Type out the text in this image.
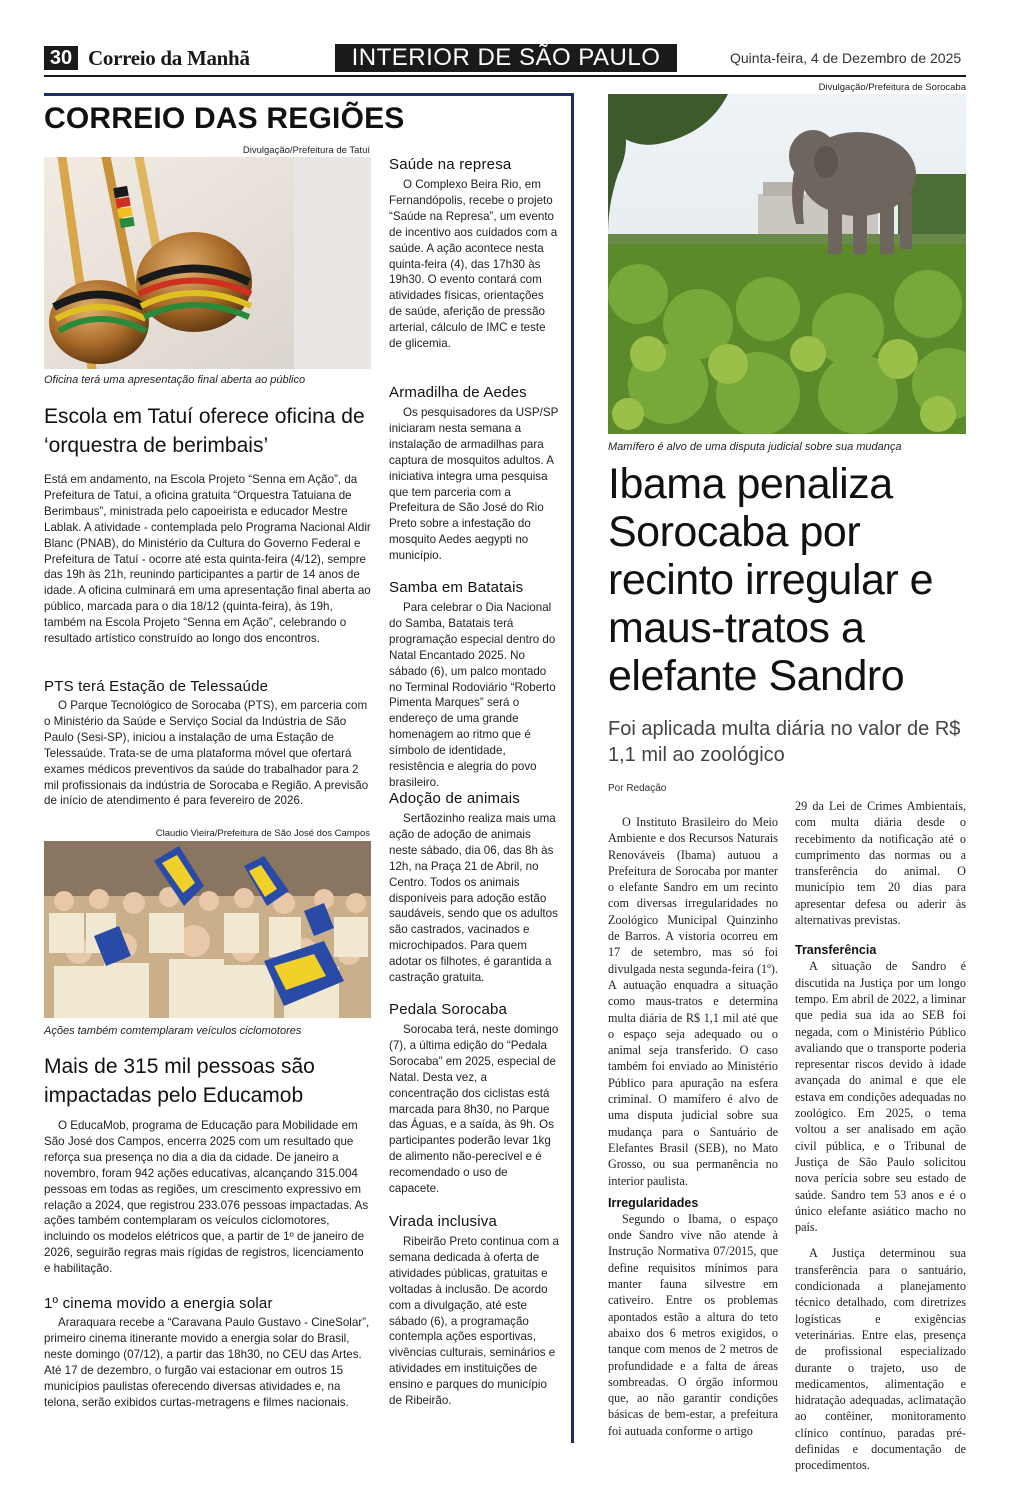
30 Correio da Manhã	INTERIOR DE SÃO PAULO	Quinta-feira, 4 de Dezembro de 2025
CORREIO DAS REGIÕES
Divulgação/Prefeitura de Tatuí
Oficina terá uma apresentação final aberta ao público
Escola em Tatuí oferece oficina de ‘orquestra de berimbais’

Está em andamento, na Escola Projeto “Senna em Ação”, da Prefeitura de Tatuí, a oficina gratuita “Orquestra Tatuiana de Berimbaus”, ministrada pelo capoeirista e educador Mestre Lablak. A atividade - contemplada pelo Programa Nacional Aldir Blanc (PNAB), do Ministério da Cultura do Governo Federal e Prefeitura de Tatuí - ocorre até esta quinta-feira (4/12), sempre das 19h às 21h, reunindo participantes a partir de 14 anos de idade. A oficina culminará em uma apresentação final aberta ao público, marcada para o dia 18/12 (quinta-feira), às 19h, também na Escola Projeto “Senna em Ação”, celebrando o resultado artístico construído ao longo dos encontros.

PTS terá Estação de Telessaúde

O Parque Tecnológico de Sorocaba (PTS), em parceria com o Ministério da Saúde e Serviço Social da Indústria de São Paulo (Sesi-SP), iniciou a instalação de uma Estação de Telessaúde. Trata-se de uma plataforma móvel que ofertará exames médicos preventivos da saúde do trabalhador para 2 mil profissionais da indústria de Sorocaba e Região. A previsão de início de atendimento é para fevereiro de 2026.

Claudio Vieira/Prefeitura de São José dos Campos
Ações também comtemplaram veículos ciclomotores
Mais de 315 mil pessoas são impactadas pelo Educamob

O EducaMob, programa de Educação para Mobilidade em São José dos Campos, encerra 2025 com um resultado que reforça sua presença no dia a dia da cidade. De janeiro a novembro, foram 942 ações educativas, alcançando 315.004 pessoas em todas as regiões, um crescimento expressivo em relação a 2024, que registrou 233.076 pessoas impactadas. As ações também contemplaram os veículos ciclomotores, incluindo os modelos elétricos que, a partir de 1º de janeiro de 2026, seguirão regras mais rígidas de registros, licenciamento e habilitação.

1º cinema movido a energia solar

Araraquara recebe a “Caravana Paulo Gustavo - CineSolar”, primeiro cinema itinerante movido a energia solar do Brasil, neste domingo (07/12), a partir das 18h30, no CEU das Artes. Até 17 de dezembro, o furgão vai estacionar em outros 15 municípios paulistas oferecendo diversas atividades e, na telona, serão exibidos curtas-metragens e filmes nacionais.

Saúde na represa

O Complexo Beira Rio, em Fernandópolis, recebe o projeto “Saúde na Represa”, um evento de incentivo aos cuidados com a saúde. A ação acontece nesta quinta-feira (4), das 17h30 às 19h30. O evento contará com atividades físicas, orientações de saúde, aferição de pressão arterial, cálculo de IMC e teste de glicemia.

Armadilha de Aedes

Os pesquisadores da USP/SP iniciaram nesta semana a instalação de armadilhas para captura de mosquitos adultos. A iniciativa integra uma pesquisa que tem parceria com a Prefeitura de São José do Rio Preto sobre a infestação do mosquito Aedes aegypti no município.

Samba em Batatais

Para celebrar o Dia Nacional do Samba, Batatais terá programação especial dentro do Natal Encantado 2025. No sábado (6), um palco montado no Terminal Rodoviário “Roberto Pimenta Marques” será o endereço de uma grande homenagem ao ritmo que é símbolo de identidade, resistência e alegria do povo brasileiro.

Adoção de animais

Sertãozinho realiza mais uma ação de adoção de animais neste sábado, dia 06, das 8h às 12h, na Praça 21 de Abril, no Centro. Todos os animais disponíveis para adoção estão saudáveis, sendo que os adultos são castrados, vacinados e microchipados. Para quem adotar os filhotes, é garantida a castração gratuita.

Pedala Sorocaba

Sorocaba terá, neste domingo (7), a última edição do “Pedala Sorocaba” em 2025, especial de Natal. Desta vez, a concentração dos ciclistas está marcada para 8h30, no Parque das Águas, e a saída, às 9h. Os participantes poderão levar 1kg de alimento não-perecível e é recomendado o uso de capacete.

Virada inclusiva

Ribeirão Preto continua com a semana dedicada à oferta de atividades públicas, gratuitas e voltadas à inclusão. De acordo com a divulgação, até este sábado (6), a programação contempla ações esportivas, vivências culturais, seminários e atividades em instituições de ensino e parques do município de Ribeirão.

Divulgação/Prefeitura de Sorocaba
Mamífero é alvo de uma disputa judicial sobre sua mudança
Ibama penaliza Sorocaba por recinto irregular e maus-tratos a elefante Sandro
Foi aplicada multa diária no valor de R$ 1,1 mil ao zoológico
Por Redação

O Instituto Brasileiro do Meio Ambiente e dos Recursos Naturais Renováveis (Ibama) autuou a Prefeitura de Sorocaba por manter o elefante Sandro em um recinto com diversas irregularidades no Zoológico Municipal Quinzinho de Barros. A vistoria ocorreu em 17 de setembro, mas só foi divulgada nesta segunda-feira (1º). A autuação enquadra a situação como maus-tratos e determina multa diária de R$ 1,1 mil até que o espaço seja adequado ou o animal seja transferido. O caso também foi enviado ao Ministério Público para apuração na esfera criminal. O mamífero é alvo de uma disputa judicial sobre sua mudança para o Santuário de Elefantes Brasil (SEB), no Mato Grosso, ou sua permanência no interior paulista.

Irregularidades

Segundo o Ibama, o espaço onde Sandro vive não atende à Instrução Normativa 07/2015, que define requisitos mínimos para manter fauna silvestre em cativeiro. Entre os problemas apontados estão a altura do teto abaixo dos 6 metros exigidos, o tanque com menos de 2 metros de profundidade e a falta de áreas sombreadas. O órgão informou que, ao não garantir condições básicas de bem-estar, a prefeitura foi autuada conforme o artigo

29 da Lei de Crimes Ambientais, com multa diária desde o recebimento da notificação até o cumprimento das normas ou a transferência do animal. O município tem 20 dias para apresentar defesa ou aderir às alternativas previstas.

Transferência

A situação de Sandro é discutida na Justiça por um longo tempo. Em abril de 2022, a liminar que pedia sua ida ao SEB foi negada, com o Ministério Público avaliando que o transporte poderia representar riscos devido à idade avançada do animal e que ele estava em condições adequadas no zoológico. Em 2025, o tema voltou a ser analisado em ação civil pública, e o Tribunal de Justiça de São Paulo solicitou nova perícia sobre seu estado de saúde. Sandro tem 53 anos e é o único elefante asiático macho no país.

A Justiça determinou sua transferência para o santuário, condicionada a planejamento técnico detalhado, com diretrizes logísticas e exigências veterinárias. Entre elas, presença de profissional especializado durante o trajeto, uso de medicamentos, alimentação e hidratação adequadas, aclimatação ao contêiner, monitoramento clínico contínuo, paradas pré-definidas e documentação de procedimentos.
